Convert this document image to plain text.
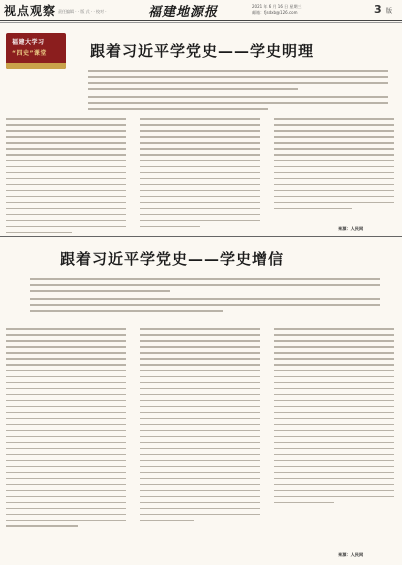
视点观察 责任编辑 · · 版 式 · · 校对 ·	福建地源报	2021 年 6 月 16 日 星期三
邮箱：fjsdxb@126.com	3 版
福建大学习
“四史”课堂	跟着习近平学党史——学史明理
来源：人民网
跟着习近平学党史——学史增信
来源：人民网
